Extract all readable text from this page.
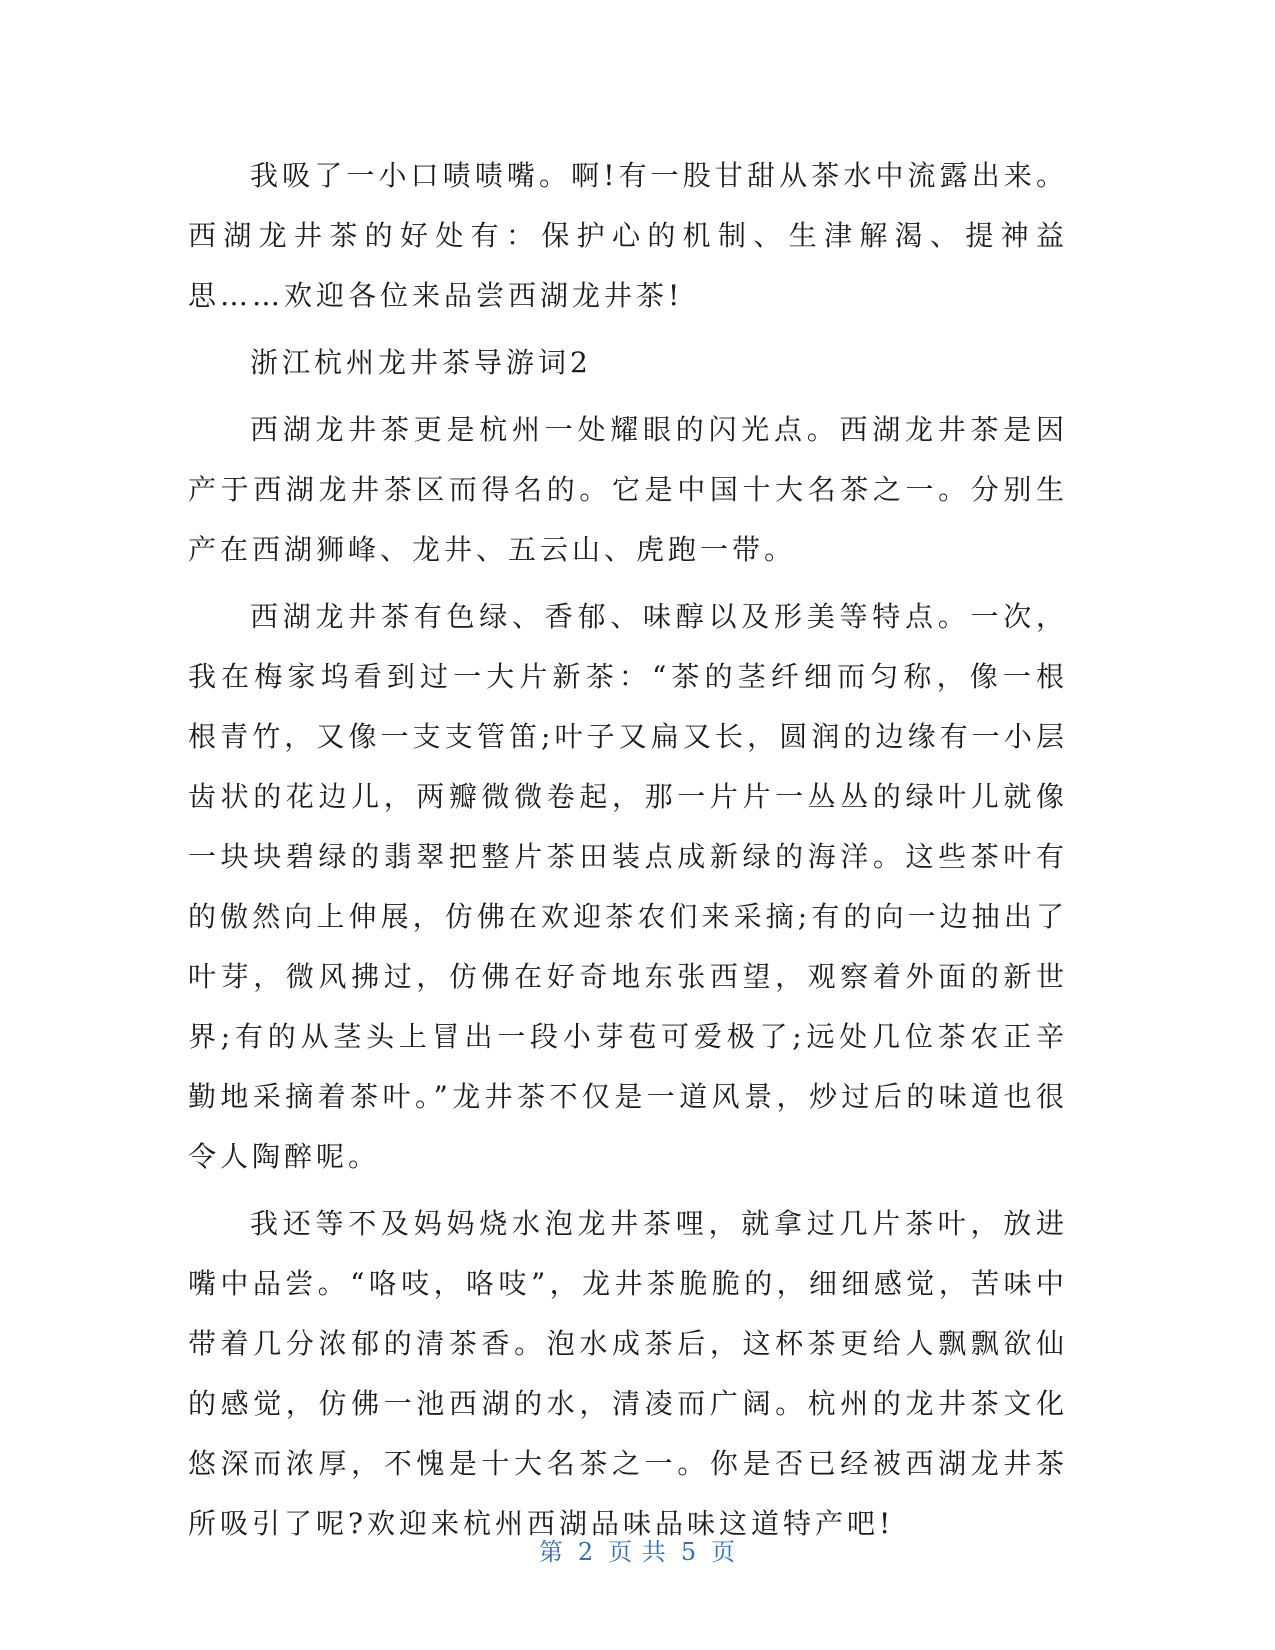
我吸了一小口啧啧嘴。啊!有一股甘甜从茶水中流露出来。西湖龙井茶的好处有：保护心的机制、生津解渴、提神益思……欢迎各位来品尝西湖龙井茶!

浙江杭州龙井茶导游词2

西湖龙井茶更是杭州一处耀眼的闪光点。西湖龙井茶是因产于西湖龙井茶区而得名的。它是中国十大名茶之一。分别生产在西湖狮峰、龙井、五云山、虎跑一带。

西湖龙井茶有色绿、香郁、味醇以及形美等特点。一次，我在梅家坞看到过一大片新茶：“茶的茎纤细而匀称，像一根根青竹，又像一支支管笛;叶子又扁又长，圆润的边缘有一小层齿状的花边儿，两瓣微微卷起，那一片片一丛丛的绿叶儿就像一块块碧绿的翡翠把整片茶田装点成新绿的海洋。这些茶叶有的傲然向上伸展，仿佛在欢迎茶农们来采摘;有的向一边抽出了叶芽，微风拂过，仿佛在好奇地东张西望，观察着外面的新世界;有的从茎头上冒出一段小芽苞可爱极了;远处几位茶农正辛勤地采摘着茶叶。”龙井茶不仅是一道风景，炒过后的味道也很令人陶醉呢。

我还等不及妈妈烧水泡龙井茶哩，就拿过几片茶叶，放进嘴中品尝。“咯吱，咯吱”，龙井茶脆脆的，细细感觉，苦味中带着几分浓郁的清茶香。泡水成茶后，这杯茶更给人飘飘欲仙的感觉，仿佛一池西湖的水，清凌而广阔。杭州的龙井茶文化悠深而浓厚，不愧是十大名茶之一。你是否已经被西湖龙井茶所吸引了呢?欢迎来杭州西湖品味品味这道特产吧!

第 2 页 共 5 页
